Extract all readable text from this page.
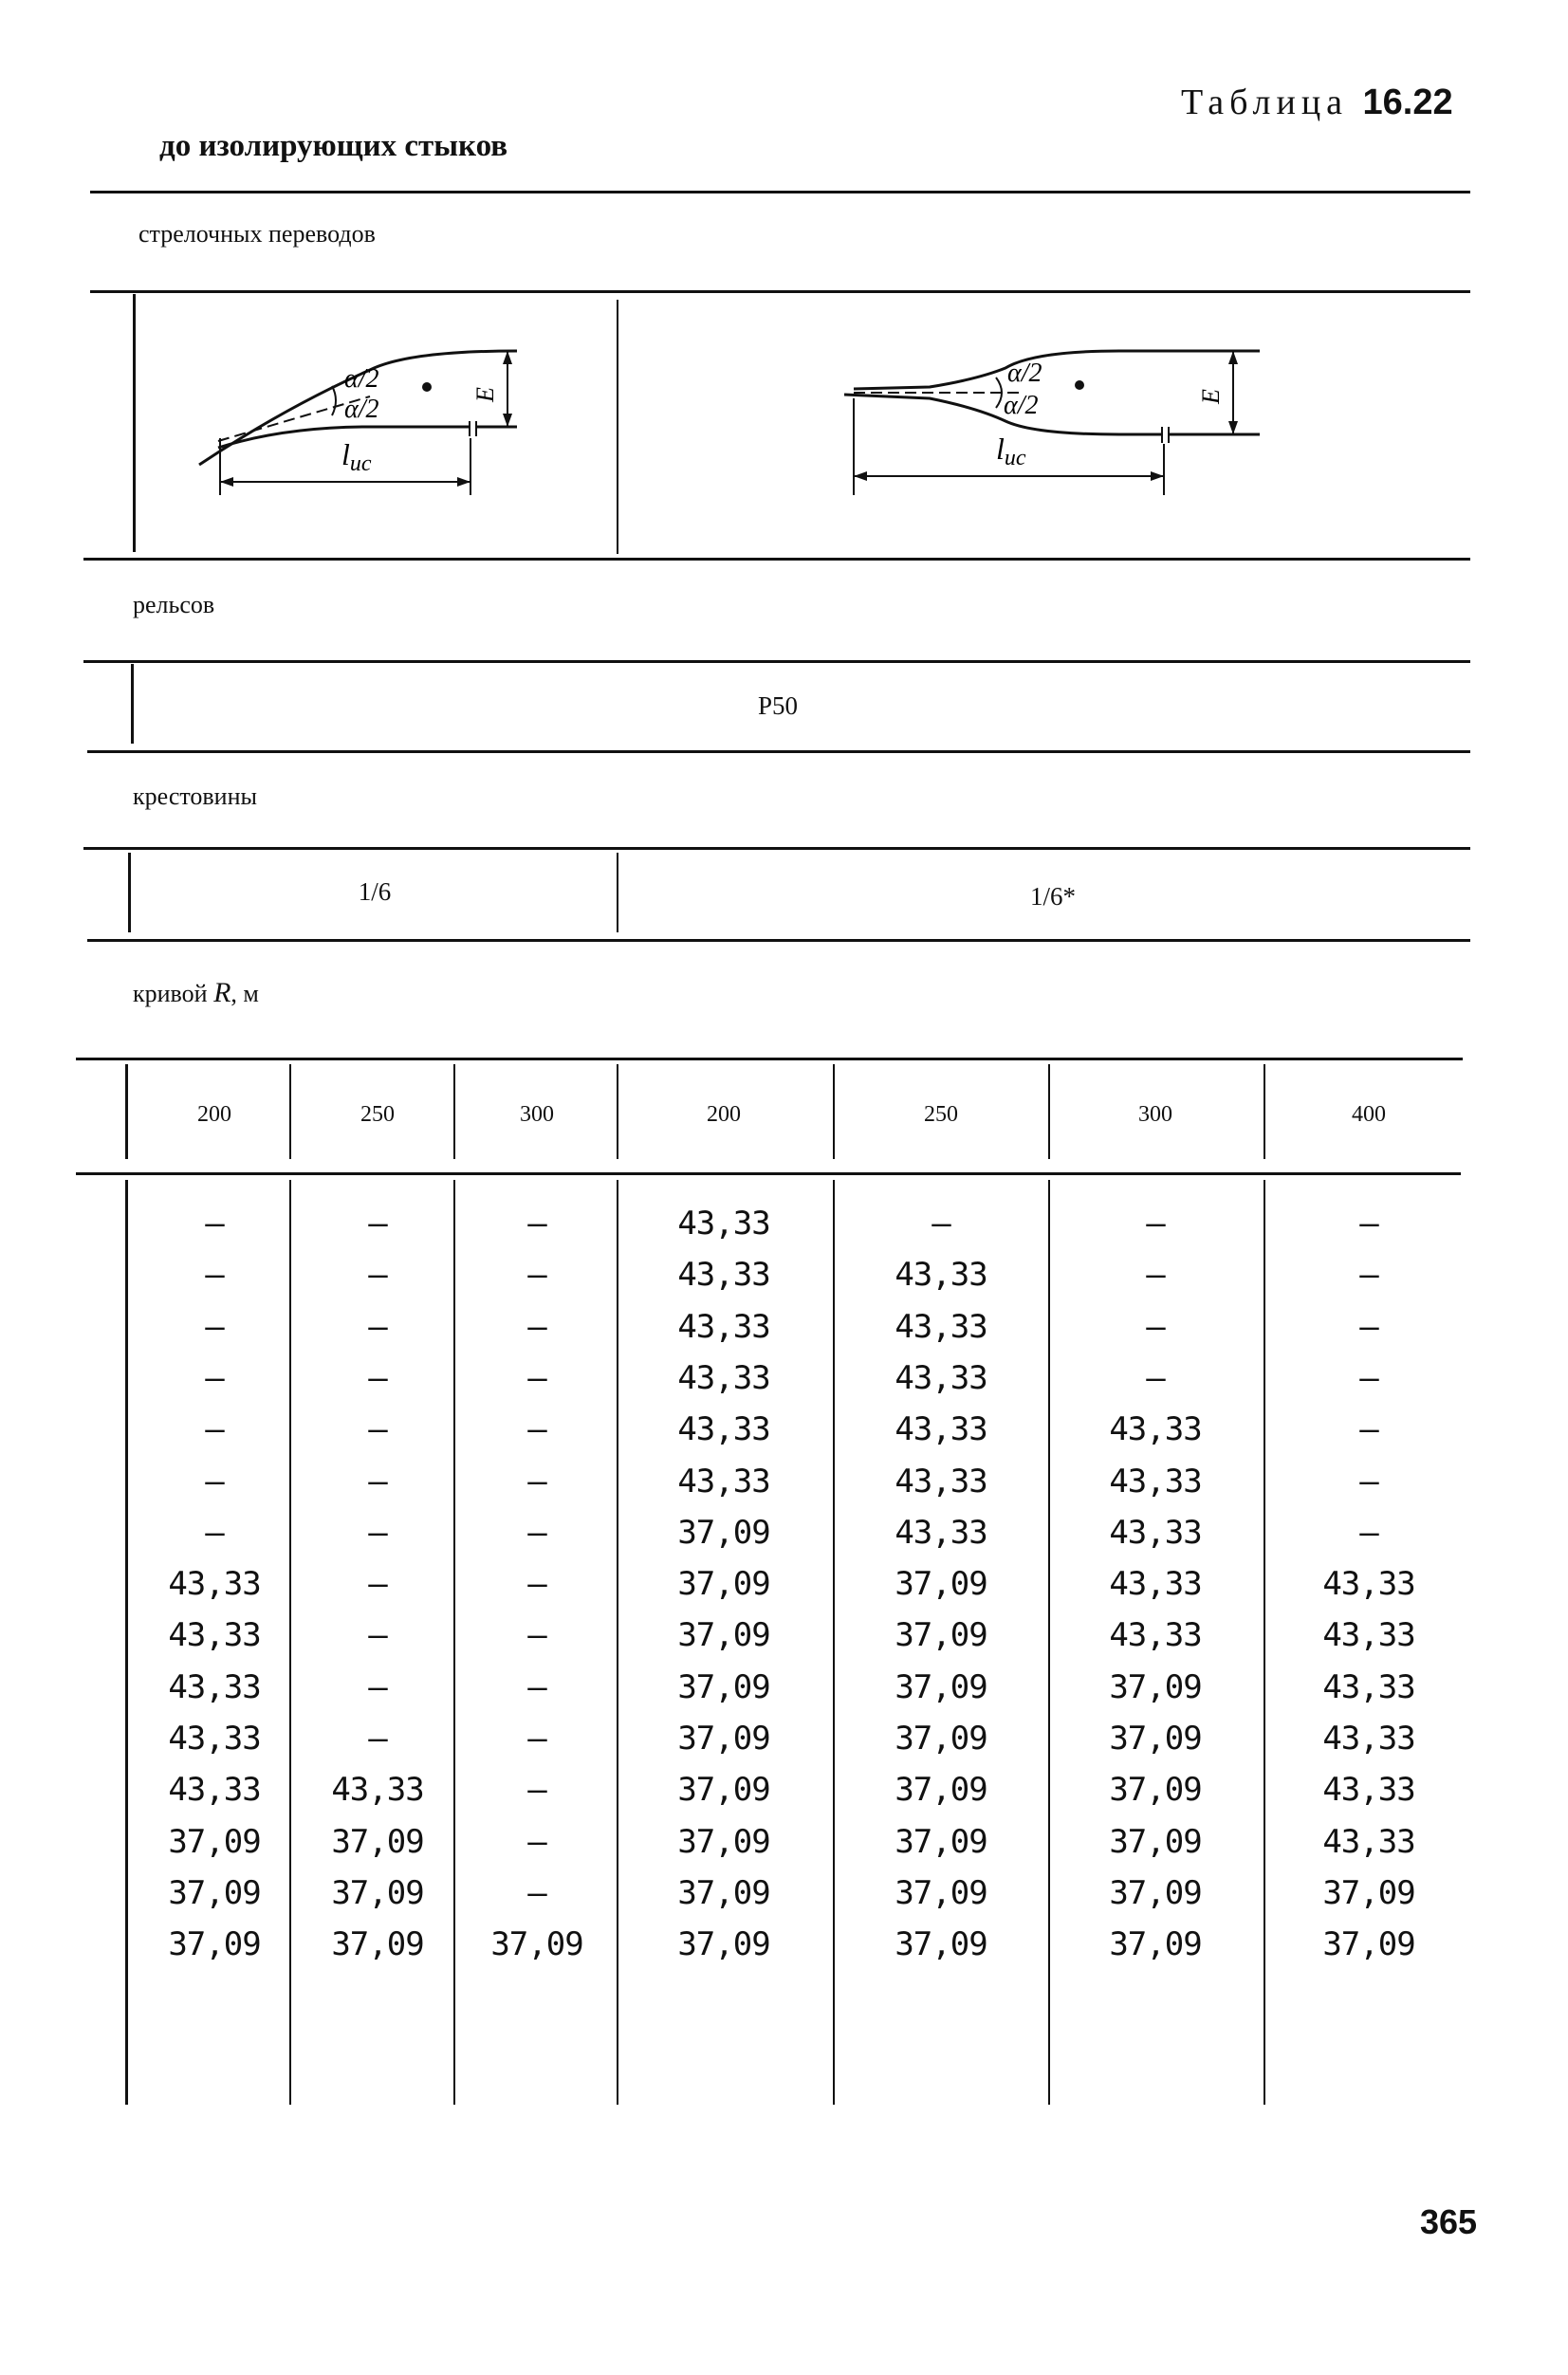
Таблица 16.22
до изолирующих стыков
стрелочных переводов
α/2
α/2	E
lис
α/2
α/2	E
lис
рельсов
Р50
крестовины
1/6	1/6*
кривой R, м
200	250	300	200	250	300	400
—	—	—	43,33	—	—	—
—	—	—	43,33	43,33	—	—
—	—	—	43,33	43,33	—	—
—	—	—	43,33	43,33	—	—
—	—	—	43,33	43,33	43,33	—
—	—	—	43,33	43,33	43,33	—
—	—	—	37,09	43,33	43,33	—
43,33	—	—	37,09	37,09	43,33	43,33
43,33	—	—	37,09	37,09	43,33	43,33
43,33	—	—	37,09	37,09	37,09	43,33
43,33	—	—	37,09	37,09	37,09	43,33
43,33	43,33	—	37,09	37,09	37,09	43,33
37,09	37,09	—	37,09	37,09	37,09	43,33
37,09	37,09	—	37,09	37,09	37,09	37,09
37,09	37,09	37,09	37,09	37,09	37,09	37,09
365
